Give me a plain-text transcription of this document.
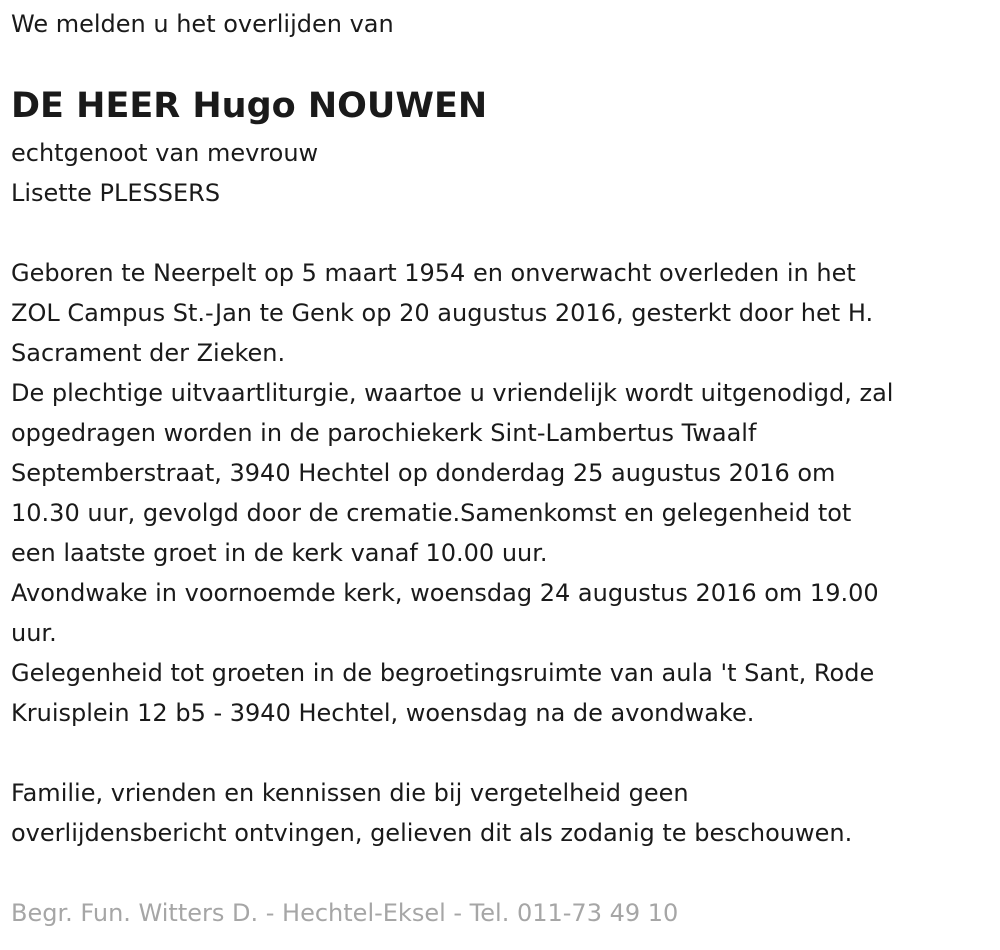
We melden u het overlijden van

DE HEER Hugo NOUWEN

echtgenoot van mevrouw

Lisette PLESSERS

Geboren te Neerpelt op 5 maart 1954 en onverwacht overleden in het

ZOL Campus St.-Jan te Genk op 20 augustus 2016, gesterkt door het H.

Sacrament der Zieken.

De plechtige uitvaartliturgie, waartoe u vriendelijk wordt uitgenodigd, zal

opgedragen worden in de parochiekerk Sint-Lambertus Twaalf

Septemberstraat, 3940 Hechtel op donderdag 25 augustus 2016 om

10.30 uur, gevolgd door de crematie.Samenkomst en gelegenheid tot

een laatste groet in de kerk vanaf 10.00 uur.

Avondwake in voornoemde kerk, woensdag 24 augustus 2016 om 19.00

uur.

Gelegenheid tot groeten in de begroetingsruimte van aula 't Sant, Rode

Kruisplein 12 b5 - 3940 Hechtel, woensdag na de avondwake.

Familie, vrienden en kennissen die bij vergetelheid geen

overlijdensbericht ontvingen, gelieven dit als zodanig te beschouwen.

Begr. Fun. Witters D. - Hechtel-Eksel - Tel. 011-73 49 10
